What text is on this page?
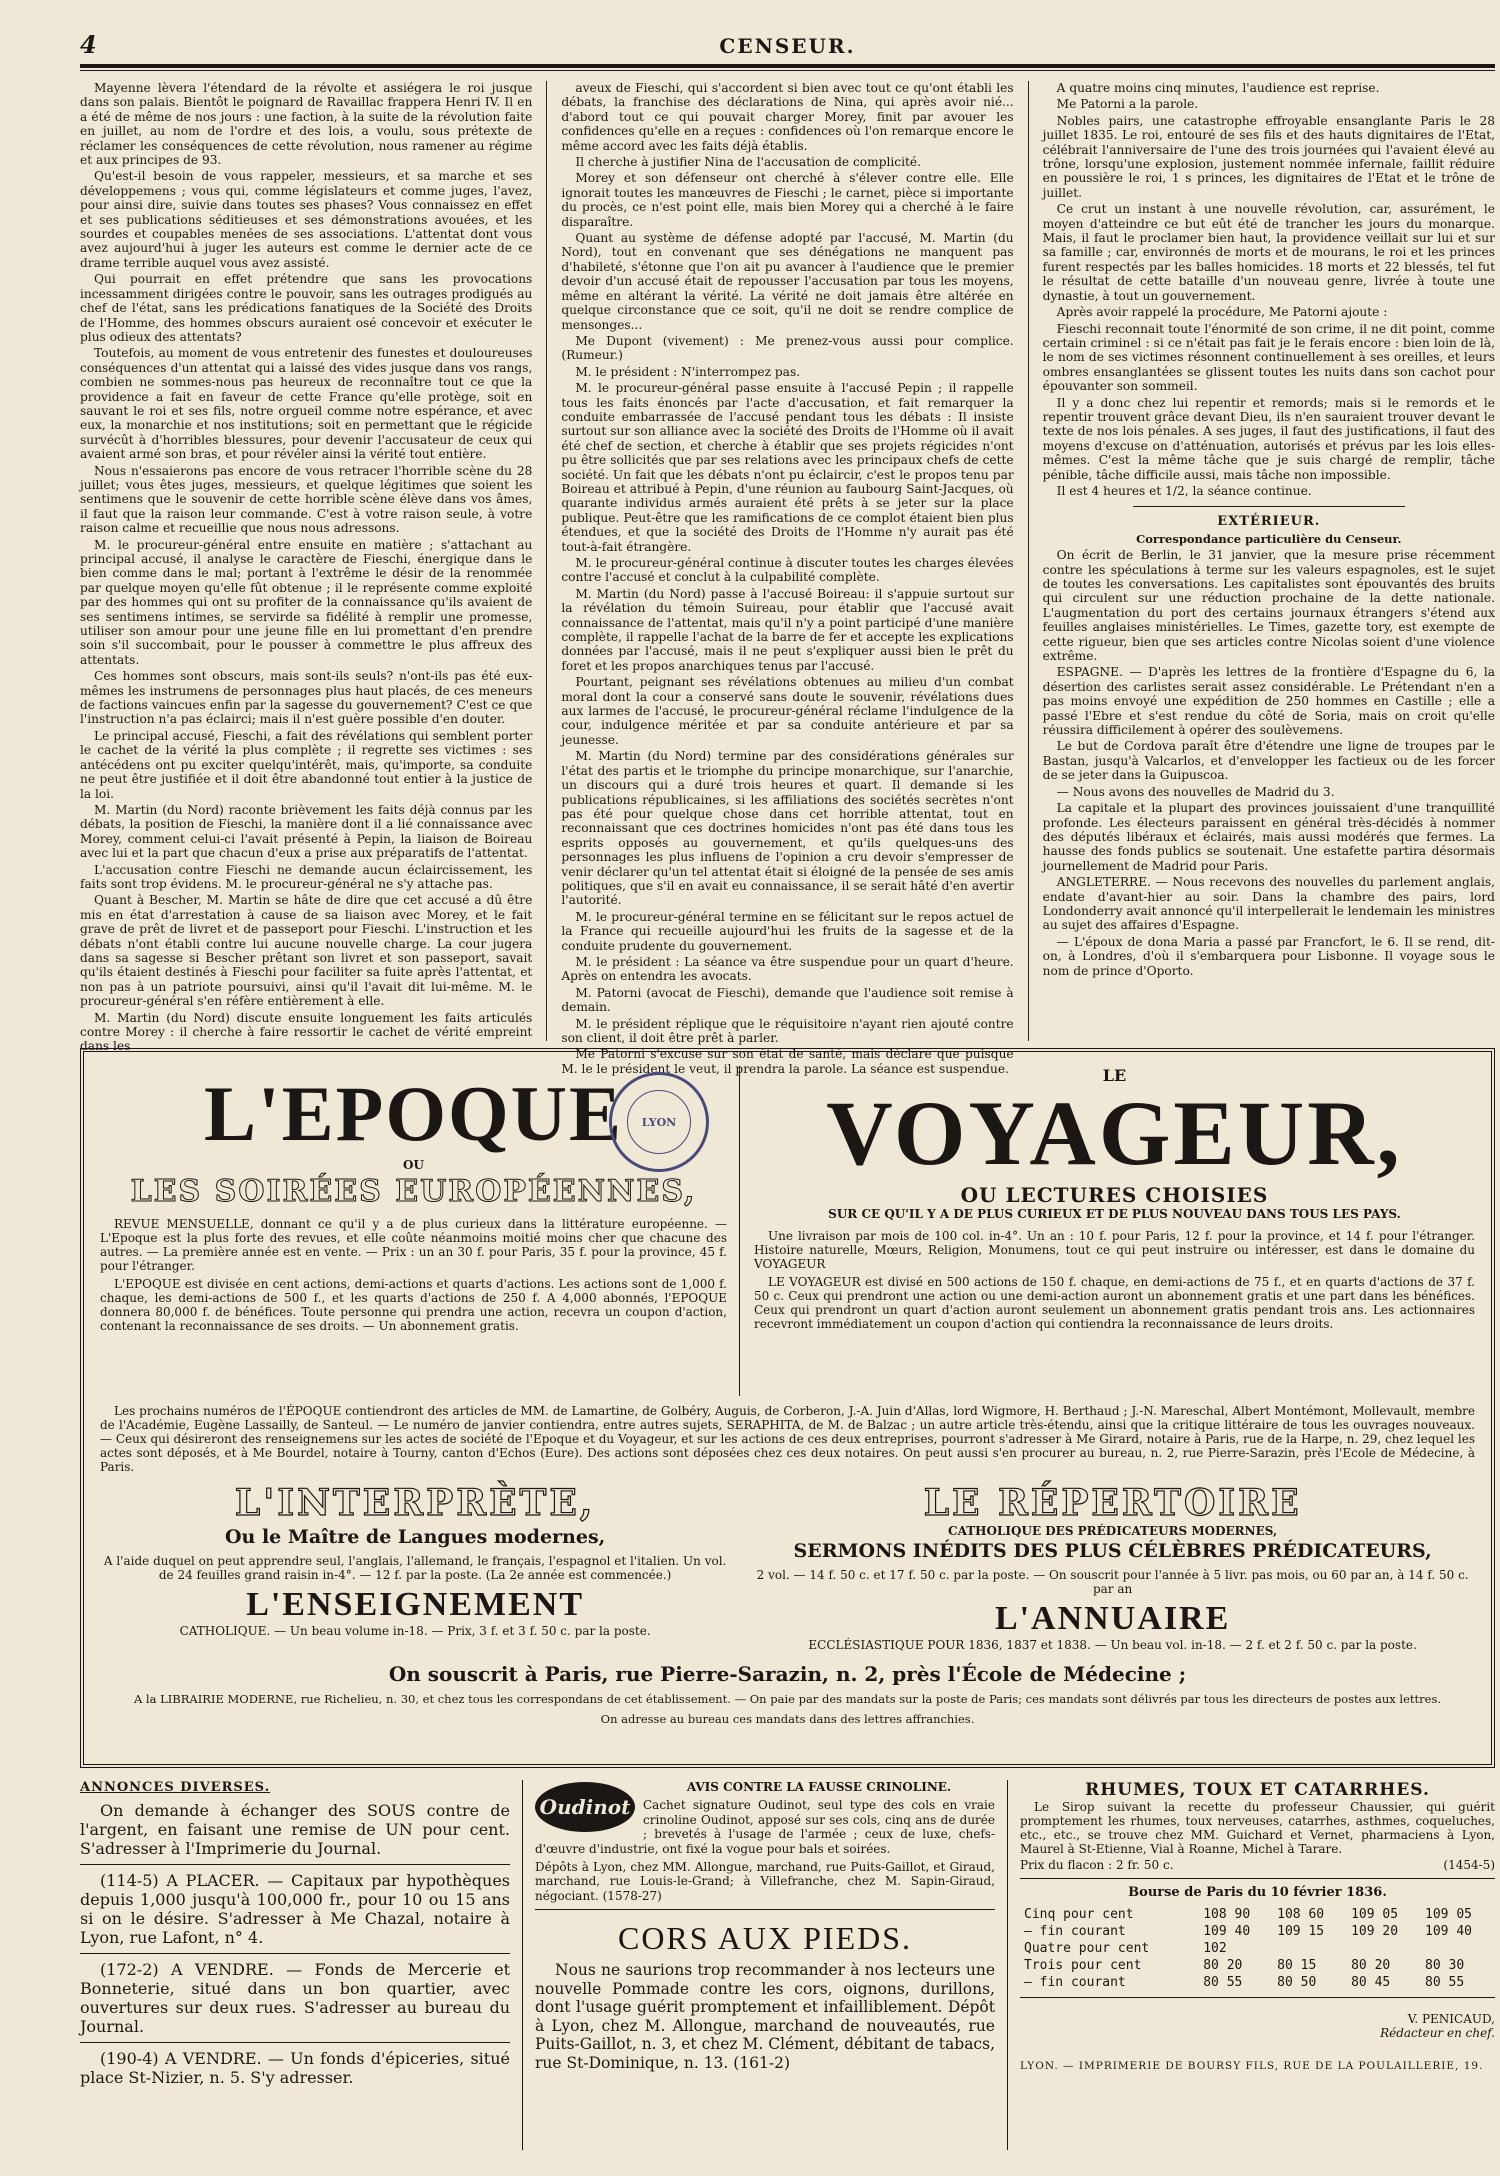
4	CENSEUR.

Mayenne lèvera l'étendard de la révolte et assiégera le roi jusque dans son palais. Bientôt le poignard de Ravaillac frappera Henri IV. Il en a été de même de nos jours : une faction, à la suite de la révolution faite en juillet, au nom de l'ordre et des lois, a voulu, sous prétexte de réclamer les conséquences de cette révolution, nous ramener au régime et aux principes de 93.

Qu'est-il besoin de vous rappeler, messieurs, et sa marche et ses développemens ; vous qui, comme législateurs et comme juges, l'avez, pour ainsi dire, suivie dans toutes ses phases? Vous connaissez en effet et ses publications séditieuses et ses démonstrations avouées, et les sourdes et coupables menées de ses associations. L'attentat dont vous avez aujourd'hui à juger les auteurs est comme le dernier acte de ce drame terrible auquel vous avez assisté.

Qui pourrait en effet prétendre que sans les provocations incessamment dirigées contre le pouvoir, sans les outrages prodigués au chef de l'état, sans les prédications fanatiques de la Société des Droits de l'Homme, des hommes obscurs auraient osé concevoir et exécuter le plus odieux des attentats?

Toutefois, au moment de vous entretenir des funestes et douloureuses conséquences d'un attentat qui a laissé des vides jusque dans vos rangs, combien ne sommes-nous pas heureux de reconnaître tout ce que la providence a fait en faveur de cette France qu'elle protège, soit en sauvant le roi et ses fils, notre orgueil comme notre espérance, et avec eux, la monarchie et nos institutions; soit en permettant que le régicide survécût à d'horribles blessures, pour devenir l'accusateur de ceux qui avaient armé son bras, et pour révéler ainsi la vérité tout entière.

Nous n'essaierons pas encore de vous retracer l'horrible scène du 28 juillet; vous êtes juges, messieurs, et quelque légitimes que soient les sentimens que le souvenir de cette horrible scène élève dans vos âmes, il faut que la raison leur commande. C'est à votre raison seule, à votre raison calme et recueillie que nous nous adressons.

M. le procureur-général entre ensuite en matière ; s'attachant au principal accusé, il analyse le caractère de Fieschi, énergique dans le bien comme dans le mal; portant à l'extrême le désir de la renommée par quelque moyen qu'elle fût obtenue ; il le représente comme exploité par des hommes qui ont su profiter de la connaissance qu'ils avaient de ses sentimens intimes, se servirde sa fidélité à remplir une promesse, utiliser son amour pour une jeune fille en lui promettant d'en prendre soin s'il succombait, pour le pousser à commettre le plus affreux des attentats.

Ces hommes sont obscurs, mais sont-ils seuls? n'ont-ils pas été eux-mêmes les instrumens de personnages plus haut placés, de ces meneurs de factions vaincues enfin par la sagesse du gouvernement? C'est ce que l'instruction n'a pas éclairci; mais il n'est guère possible d'en douter.

Le principal accusé, Fieschi, a fait des révélations qui semblent porter le cachet de la vérité la plus complète ; il regrette ses victimes : ses antécédens ont pu exciter quelqu'intérêt, mais, qu'importe, sa conduite ne peut être justifiée et il doit être abandonné tout entier à la justice de la loi.

M. Martin (du Nord) raconte brièvement les faits déjà connus par les débats, la position de Fieschi, la manière dont il a lié connaissance avec Morey, comment celui-ci l'avait présenté à Pepin, la liaison de Boireau avec lui et la part que chacun d'eux a prise aux préparatifs de l'attentat.

L'accusation contre Fieschi ne demande aucun éclaircissement, les faits sont trop évidens. M. le procureur-général ne s'y attache pas.

Quant à Bescher, M. Martin se hâte de dire que cet accusé a dû être mis en état d'arrestation à cause de sa liaison avec Morey, et le fait grave de prêt de livret et de passeport pour Fieschi. L'instruction et les débats n'ont établi contre lui aucune nouvelle charge. La cour jugera dans sa sagesse si Bescher prêtant son livret et son passeport, savait qu'ils étaient destinés à Fieschi pour faciliter sa fuite après l'attentat, et non pas à un patriote poursuivi, ainsi qu'il l'avait dit lui-même. M. le procureur-général s'en réfère entièrement à elle.

M. Martin (du Nord) discute ensuite longuement les faits articulés contre Morey : il cherche à faire ressortir le cachet de vérité empreint dans les

aveux de Fieschi, qui s'accordent si bien avec tout ce qu'ont établi les débats, la franchise des déclarations de Nina, qui après avoir nié... d'abord tout ce qui pouvait charger Morey, finit par avouer les confidences qu'elle en a reçues : confidences où l'on remarque encore le même accord avec les faits déjà établis.

Il cherche à justifier Nina de l'accusation de complicité.

Morey et son défenseur ont cherché à s'élever contre elle. Elle ignorait toutes les manœuvres de Fieschi ; le carnet, pièce si importante du procès, ce n'est point elle, mais bien Morey qui a cherché à le faire disparaître.

Quant au système de défense adopté par l'accusé, M. Martin (du Nord), tout en convenant que ses dénégations ne manquent pas d'habileté, s'étonne que l'on ait pu avancer à l'audience que le premier devoir d'un accusé était de repousser l'accusation par tous les moyens, même en altérant la vérité. La vérité ne doit jamais être altérée en quelque circonstance que ce soit, qu'il ne doit se rendre complice de mensonges...

Me Dupont (vivement) : Me prenez-vous aussi pour complice. (Rumeur.)

M. le président : N'interrompez pas.

M. le procureur-général passe ensuite à l'accusé Pepin ; il rappelle tous les faits énoncés par l'acte d'accusation, et fait remarquer la conduite embarrassée de l'accusé pendant tous les débats : Il insiste surtout sur son alliance avec la société des Droits de l'Homme où il avait été chef de section, et cherche à établir que ses projets régicides n'ont pu être sollicités que par ses relations avec les principaux chefs de cette société. Un fait que les débats n'ont pu éclaircir, c'est le propos tenu par Boireau et attribué à Pepin, d'une réunion au faubourg Saint-Jacques, où quarante individus armés auraient été prêts à se jeter sur la place publique. Peut-être que les ramifications de ce complot étaient bien plus étendues, et que la société des Droits de l'Homme n'y aurait pas été tout-à-fait étrangère.

M. le procureur-général continue à discuter toutes les charges élevées contre l'accusé et conclut à la culpabilité complète.

M. Martin (du Nord) passe à l'accusé Boireau: il s'appuie surtout sur la révélation du témoin Suireau, pour établir que l'accusé avait connaissance de l'attentat, mais qu'il n'y a point participé d'une manière complète, il rappelle l'achat de la barre de fer et accepte les explications données par l'accusé, mais il ne peut s'expliquer aussi bien le prêt du foret et les propos anarchiques tenus par l'accusé.

Pourtant, peignant ses révélations obtenues au milieu d'un combat moral dont la cour a conservé sans doute le souvenir, révélations dues aux larmes de l'accusé, le procureur-général réclame l'indulgence de la cour, indulgence méritée et par sa conduite antérieure et par sa jeunesse.

M. Martin (du Nord) termine par des considérations générales sur l'état des partis et le triomphe du principe monarchique, sur l'anarchie, un discours qui a duré trois heures et quart. Il demande si les publications républicaines, si les affiliations des sociétés secrètes n'ont pas été pour quelque chose dans cet horrible attentat, tout en reconnaissant que ces doctrines homicides n'ont pas été dans tous les esprits opposés au gouvernement, et qu'ils quelques-uns des personnages les plus influens de l'opinion a cru devoir s'empresser de venir déclarer qu'un tel attentat était si éloigné de la pensée de ses amis politiques, que s'il en avait eu connaissance, il se serait hâté d'en avertir l'autorité.

M. le procureur-général termine en se félicitant sur le repos actuel de la France qui recueille aujourd'hui les fruits de la sagesse et de la conduite prudente du gouvernement.

M. le président : La séance va être suspendue pour un quart d'heure. Après on entendra les avocats.

M. Patorni (avocat de Fieschi), demande que l'audience soit remise à demain.

M. le président réplique que le réquisitoire n'ayant rien ajouté contre son client, il doit être prêt à parler.

Me Patorni s'excuse sur son état de santé, mais déclare que puisque M. le le président le veut, il prendra la parole. La séance est suspendue.

A quatre moins cinq minutes, l'audience est reprise.

Me Patorni a la parole.

Nobles pairs, une catastrophe effroyable ensanglante Paris le 28 juillet 1835. Le roi, entouré de ses fils et des hauts dignitaires de l'Etat, célébrait l'anniversaire de l'une des trois journées qui l'avaient élevé au trône, lorsqu'une explosion, justement nommée infernale, faillit réduire en poussière le roi, 1 s princes, les dignitaires de l'Etat et le trône de juillet.

Ce crut un instant à une nouvelle révolution, car, assurément, le moyen d'atteindre ce but eût été de trancher les jours du monarque. Mais, il faut le proclamer bien haut, la providence veillait sur lui et sur sa famille ; car, environnés de morts et de mourans, le roi et les princes furent respectés par les balles homicides. 18 morts et 22 blessés, tel fut le résultat de cette bataille d'un nouveau genre, livrée à toute une dynastie, à tout un gouvernement.

Après avoir rappelé la procédure, Me Patorni ajoute :

Fieschi reconnait toute l'énormité de son crime, il ne dit point, comme certain criminel : si ce n'était pas fait je le ferais encore : bien loin de là, le nom de ses victimes résonnent continuellement à ses oreilles, et leurs ombres ensanglantées se glissent toutes les nuits dans son cachot pour épouvanter son sommeil.

Il y a donc chez lui repentir et remords; mais si le remords et le repentir trouvent grâce devant Dieu, ils n'en sauraient trouver devant le texte de nos lois pénales. A ses juges, il faut des justifications, il faut des moyens d'excuse on d'atténuation, autorisés et prévus par les lois elles-mêmes. C'est la même tâche que je suis chargé de remplir, tâche pénible, tâche difficile aussi, mais tâche non impossible.

Il est 4 heures et 1/2, la séance continue.

EXTÉRIEUR.

Correspondance particulière du Censeur.

On écrit de Berlin, le 31 janvier, que la mesure prise récemment contre les spéculations à terme sur les valeurs espagnoles, est le sujet de toutes les conversations. Les capitalistes sont épouvantés des bruits qui circulent sur une réduction prochaine de la dette nationale. L'augmentation du port des certains journaux étrangers s'étend aux feuilles anglaises ministérielles. Le Times, gazette tory, est exempte de cette rigueur, bien que ses articles contre Nicolas soient d'une violence extrême.

ESPAGNE. — D'après les lettres de la frontière d'Espagne du 6, la désertion des carlistes serait assez considérable. Le Prétendant n'en a pas moins envoyé une expédition de 250 hommes en Castille ; elle a passé l'Ebre et s'est rendue du côté de Soria, mais on croit qu'elle réussira difficilement à opérer des soulèvemens.

Le but de Cordova paraît être d'étendre une ligne de troupes par le Bastan, jusqu'à Valcarlos, et d'envelopper les factieux ou de les forcer de se jeter dans la Guipuscoa.

— Nous avons des nouvelles de Madrid du 3.

La capitale et la plupart des provinces jouissaient d'une tranquillité profonde. Les électeurs paraissent en général très-décidés à nommer des députés libéraux et éclairés, mais aussi modérés que fermes. La hausse des fonds publics se soutenait. Une estafette partira désormais journellement de Madrid pour Paris.

ANGLETERRE. — Nous recevons des nouvelles du parlement anglais, endate d'avant-hier au soir. Dans la chambre des pairs, lord Londonderry avait annoncé qu'il interpellerait le lendemain les ministres au sujet des affaires d'Espagne.

— L'époux de dona Maria a passé par Francfort, le 6. Il se rend, dit-on, à Londres, d'où il s'embarquera pour Lisbonne. Il voyage sous le nom de prince d'Oporto.

LYON
L'EPOQUE
OU
LES SOIRÉES EUROPÉENNES,

REVUE MENSUELLE, donnant ce qu'il y a de plus curieux dans la littérature européenne. — L'Epoque est la plus forte des revues, et elle coûte néanmoins moitié moins cher que chacune des autres. — La première année est en vente. — Prix : un an 30 f. pour Paris, 35 f. pour la province, 45 f. pour l'étranger.

L'EPOQUE est divisée en cent actions, demi-actions et quarts d'actions. Les actions sont de 1,000 f. chaque, les demi-actions de 500 f., et les quarts d'actions de 250 f. A 4,000 abonnés, l'EPOQUE donnera 80,000 f. de bénéfices. Toute personne qui prendra une action, recevra un coupon d'action, contenant la reconnaissance de ses droits. — Un abonnement gratis.

LE
VOYAGEUR,
OU LECTURES CHOISIES
SUR CE QU'IL Y A DE PLUS CURIEUX ET DE PLUS NOUVEAU DANS TOUS LES PAYS.

Une livraison par mois de 100 col. in-4°. Un an : 10 f. pour Paris, 12 f. pour la province, et 14 f. pour l'étranger. Histoire naturelle, Mœurs, Religion, Monumens, tout ce qui peut instruire ou intéresser, est dans le domaine du VOYAGEUR

LE VOYAGEUR est divisé en 500 actions de 150 f. chaque, en demi-actions de 75 f., et en quarts d'actions de 37 f. 50 c. Ceux qui prendront une action ou une demi-action auront un abonnement gratis et une part dans les bénéfices. Ceux qui prendront un quart d'action auront seulement un abonnement gratis pendant trois ans. Les actionnaires recevront immédiatement un coupon d'action qui contiendra la reconnaissance de leurs droits.

Les prochains numéros de l'ÉPOQUE contiendront des articles de MM. de Lamartine, de Golbéry, Auguis, de Corberon, J.-A. Juin d'Allas, lord Wigmore, H. Berthaud ; J.-N. Mareschal, Albert Montémont, Mollevault, membre de l'Académie, Eugène Lassailly, de Santeul. — Le numéro de janvier contiendra, entre autres sujets, SERAPHITA, de M. de Balzac ; un autre article très-étendu, ainsi que la critique littéraire de tous les ouvrages nouveaux. — Ceux qui désireront des renseignemens sur les actes de société de l'Epoque et du Voyageur, et sur les actions de ces deux entreprises, pourront s'adresser à Me Girard, notaire à Paris, rue de la Harpe, n. 29, chez lequel les actes sont déposés, et à Me Bourdel, notaire à Tourny, canton d'Echos (Eure). Des actions sont déposées chez ces deux notaires. On peut aussi s'en procurer au bureau, n. 2, rue Pierre-Sarazin, près l'Ecole de Médecine, à Paris.
L'INTERPRÈTE,
Ou le Maître de Langues modernes,
A l'aide duquel on peut apprendre seul, l'anglais, l'allemand, le français, l'espagnol et l'italien. Un vol. de 24 feuilles grand raisin in-4°. — 12 f. par la poste. (La 2e année est commencée.)
L'ENSEIGNEMENT
CATHOLIQUE. — Un beau volume in-18. — Prix, 3 f. et 3 f. 50 c. par la poste.
LE RÉPERTOIRE
CATHOLIQUE DES PRÉDICATEURS MODERNES,
SERMONS INÉDITS DES PLUS CÉLÈBRES PRÉDICATEURS,
2 vol. — 14 f. 50 c. et 17 f. 50 c. par la poste. — On souscrit pour l'année à 5 livr. pas mois, ou 60 par an, à 14 f. 50 c. par an
L'ANNUAIRE
ECCLÉSIASTIQUE POUR 1836, 1837 et 1838. — Un beau vol. in-18. — 2 f. et 2 f. 50 c. par la poste.
On souscrit à Paris, rue Pierre-Sarazin, n. 2, près l'École de Médecine ;
A la LIBRAIRIE MODERNE, rue Richelieu, n. 30, et chez tous les correspondans de cet établissement. — On paie par des mandats sur la poste de Paris; ces mandats sont délivrés par tous les directeurs de postes aux lettres.
On adresse au bureau ces mandats dans des lettres affranchies.
ANNONCES DIVERSES.

On demande à échanger des SOUS contre de l'argent, en faisant une remise de UN pour cent. S'adresser à l'Imprimerie du Journal.

(114-5) A PLACER. — Capitaux par hypothèques depuis 1,000 jusqu'à 100,000 fr., pour 10 ou 15 ans si on le désire. S'adresser à Me Chazal, notaire à Lyon, rue Lafont, n° 4.

(172-2) A VENDRE. — Fonds de Mercerie et Bonneterie, situé dans un bon quartier, avec ouvertures sur deux rues. S'adresser au bureau du Journal.

(190-4) A VENDRE. — Un fonds d'épiceries, situé place St-Nizier, n. 5. S'y adresser.

Oudinot

AVIS CONTRE LA FAUSSE CRINOLINE.

Cachet signature Oudinot, seul type des cols en vraie crinoline Oudinot, apposé sur ses cols, cinq ans de durée ; brevetés à l'usage de l'armée ; ceux de luxe, chefs-d'œuvre d'industrie, ont fixé la vogue pour bals et soirées.

Dépôts à Lyon, chez MM. Allongue, marchand, rue Puits-Gaillot, et Giraud, marchand, rue Louis-le-Grand; à Villefranche, chez M. Sapin-Giraud, négociant. (1578-27)

CORS AUX PIEDS.
Nous ne saurions trop recommander à nos lecteurs une nouvelle Pommade contre les cors, oignons, durillons, dont l'usage guérit promptement et infailliblement. Dépôt à Lyon, chez M. Allongue, marchand de nouveautés, rue Puits-Gaillot, n. 3, et chez M. Clément, débitant de tabacs, rue St-Dominique, n. 13. (161-2)
RHUMES, TOUX ET CATARRHES.

Le Sirop suivant la recette du professeur Chaussier, qui guérit promptement les rhumes, toux nerveuses, catarrhes, asthmes, coqueluches, etc., etc., se trouve chez MM. Guichard et Vernet, pharmaciens à Lyon, Maurel à St-Etienne, Vial à Roanne, Michel à Tarare.

Prix du flacon : 2 fr. 50 c.	(1454-5)

Bourse de Paris du 10 février 1836.
Cinq pour cent	108 90	108 60	109 05	109 05
— fin courant	109 40	109 15	109 20	109 40
Quatre pour cent	102			
Trois pour cent	80 20	80 15	80 20	80 30
— fin courant	80 55	80 50	80 45	80 55
V. PENICAUD,
Rédacteur en chef.
LYON. — IMPRIMERIE DE BOURSY FILS, RUE DE LA POULAILLERIE, 19.
